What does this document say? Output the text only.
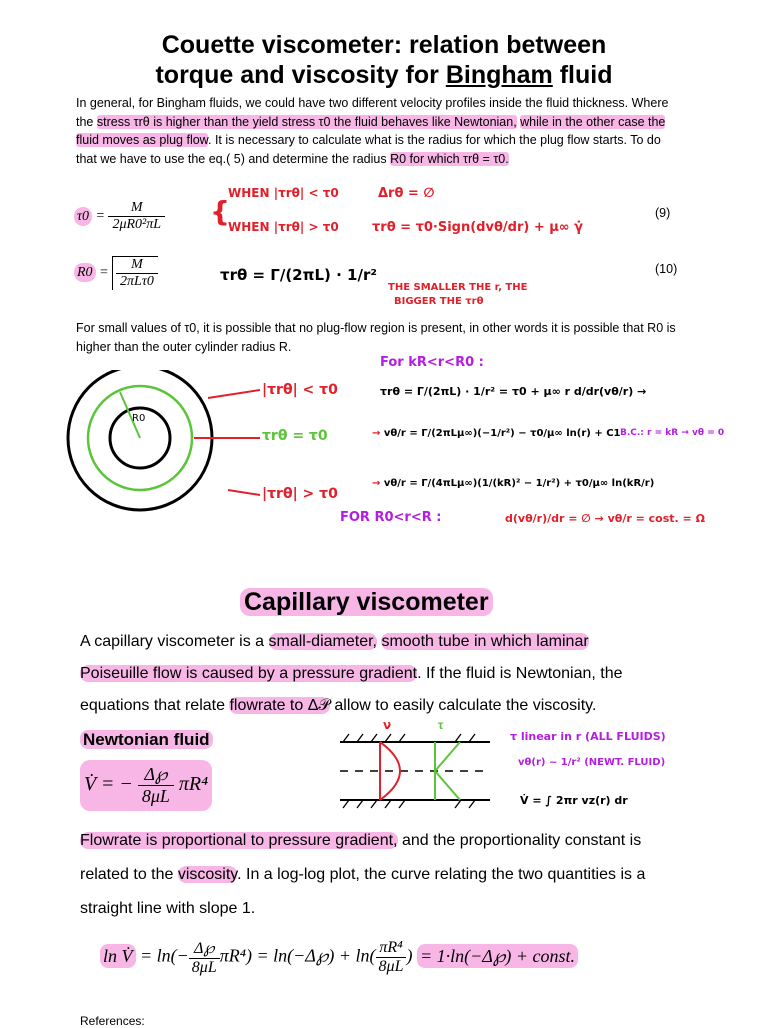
Couette viscometer: relation between
torque and viscosity for Bingham fluid
In general, for Bingham fluids, we could have two different velocity profiles inside the fluid thickness. Where
the stress τrθ is higher than the yield stress τ0 the fluid behaves like Newtonian, while in the other case the
fluid moves as plug flow. It is necessary to calculate what is the radius for which the plug flow starts. To do
that we have to use the eq.( 5) and determine the radius R0 for which τrθ = τ0.
$\tau 0 = \frac{M}{\text{2μR0²πL}}$	(9)
R0 =
M
2πLτ0
(10)
{
WHEN |τrθ| < τ0	Δrθ = ∅
WHEN |τrθ| > τ0	τrθ = τ0·Sign(dvθ/dr) + μ∞ γ̇
τrθ = Γ/(2πL) · 1/r²
THE SMALLER THE r, THE
BIGGER THE τrθ
For small values of τ0, it is possible that no plug-flow region is present, in other words it is possible that R0 is
higher than the outer cylinder radius R.
R0
|τrθ| < τ0
τrθ = τ0
|τrθ| > τ0
For kR<r<R0 :
τrθ = Γ/(2πL) · 1/r² = τ0 + μ∞ r d/dr(vθ/r) →
→ vθ/r = Γ/(2πLμ∞)(−1/r²) − τ0/μ∞ ln(r) + C1 B.C.: r = kR → vθ = 0
→ vθ/r = Γ/(4πLμ∞)(1/(kR)² − 1/r²) + τ0/μ∞ ln(kR/r)
FOR R0<r<R :	d(vθ/r)/dr = ∅ → vθ/r = cost. = Ω
Capillary viscometer
A capillary viscometer is a small-diameter, smooth tube in which laminar
Poiseuille flow is caused by a pressure gradient. If the fluid is Newtonian, the
equations that relate flowrate to Δ𝒫 allow to easily calculate the viscosity.
Newtonian fluid
V̇ = − $\frac{\Delta℘}{8\mu L} \pi R^4$
ν	τ
τ linear in r (ALL FLUIDS)
vθ(r) ~ 1/r² (NEWT. FLUID)
V̇ = ∫ 2πr vz(r) dr
Flowrate is proportional to pressure gradient, and the proportionality constant is
related to the viscosity. In a log-log plot, the curve relating the two quantities is a
straight line with slope 1.
ln V̇ = $\ln(- \frac{\Delta℘}{8\mu L} \pi R^4)$ = ln(−Δ℘) + $\ln( \frac{\text{πR⁴}}{8\mu L}$ ) = 1·ln(−Δ℘) + const.
References:
